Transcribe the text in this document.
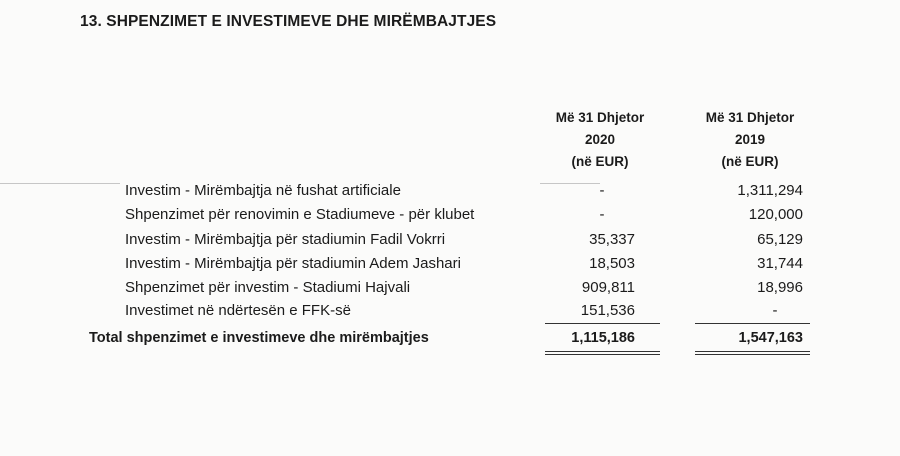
13. SHPENZIMET E INVESTIMEVE DHE MIRËMBAJTJES
Më 31 Dhjetor
2020
(në EUR)
Më 31 Dhjetor
2019
(në EUR)
Investim - Mirëmbajtja në fushat artificiale	-	1,311,294
Shpenzimet për renovimin e Stadiumeve - për klubet	-	120,000
Investim - Mirëmbajtja për stadiumin Fadil Vokrri	35,337	65,129
Investim - Mirëmbajtja për stadiumin Adem Jashari	18,503	31,744
Shpenzimet për investim - Stadiumi Hajvali	909,811	18,996
Investimet në ndërtesën e FFK-së	151,536	-
Total shpenzimet e investimeve dhe mirëmbajtjes	1,115,186	1,547,163
